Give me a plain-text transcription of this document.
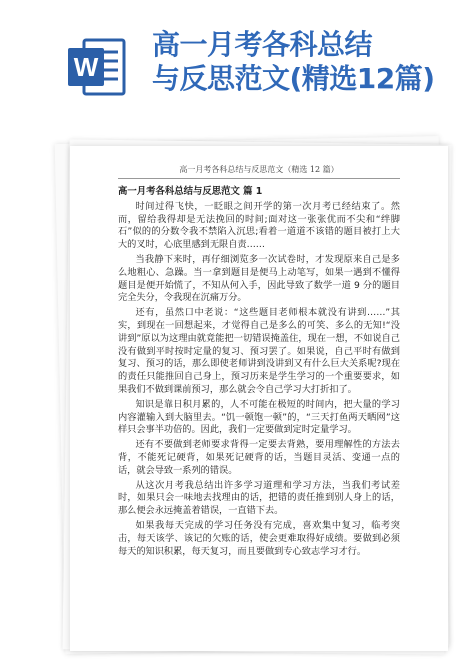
W
高一月考各科总结
与反思范文(精选12篇)
高一月考各科总结与反思范文（精选 12 篇）
高一月考各科总结与反思范文 篇 1

时间过得飞快，一眨眼之间开学的第一次月考已经结束了。然而，留给我得却是无法挽回的时间;面对这一张张优而不尖和“绊脚石”似的的分数令我不禁陷入沉思;看着一道道不该错的题目被打上大大的叉时，心底里感到无限自责……

当我静下来时，再仔细浏览多一次试卷时，才发现原来自己是多么地粗心、急躁。当一拿到题目是便马上动笔写，如果一遇到不懂得题目是便开始慌了，不知从何入手，因此导致了数学一道 9 分的题目完全失分，令我现在沉痛万分。

还有，虽然口中老说：“这些题目老师根本就没有讲到……”其实，到现在一回想起来，才觉得自己是多么的可笑、多么的无知!“没讲到”原以为这理由就竟能把一切错误掩盖住，现在一想，不如说自己没有做到平时按时定量的复习、预习罢了。如果说，自己平时有做到复习、预习的话，那么即使老师讲到没讲到又有什么巨大关系呢?现在的责任只能推回自己身上，预习历来是学生学习的一个重要要求，如果我们不做到课前预习，那么就会令自己学习大打折扣了。

知识是靠日积月累的，人不可能在极短的时间内，把大量的学习内容灌输入到大脑里去。“饥一顿饱一顿”的，“三天打鱼两天晒网”这样只会事半功倍的。因此，我们一定要做到定时定量学习。

还有不要做到老师要求背得一定要去背熟，要用理解性的方法去背，不能死记硬背，如果死记硬背的话，当题目灵活、变通一点的话，就会导致一系列的错误。

从这次月考我总结出许多学习道理和学习方法，当我们考试差时，如果只会一味地去找理由的话，把错的责任推到别人身上的话，那么便会永远掩盖着错误，一直错下去。

如果我每天完成的学习任务没有完成，喜欢集中复习，临考突击，每天该学、该记的欠账的话，使会更难取得好成绩。要做到必须每天的知识积累，每天复习，而且要做到专心致志学习才行。
